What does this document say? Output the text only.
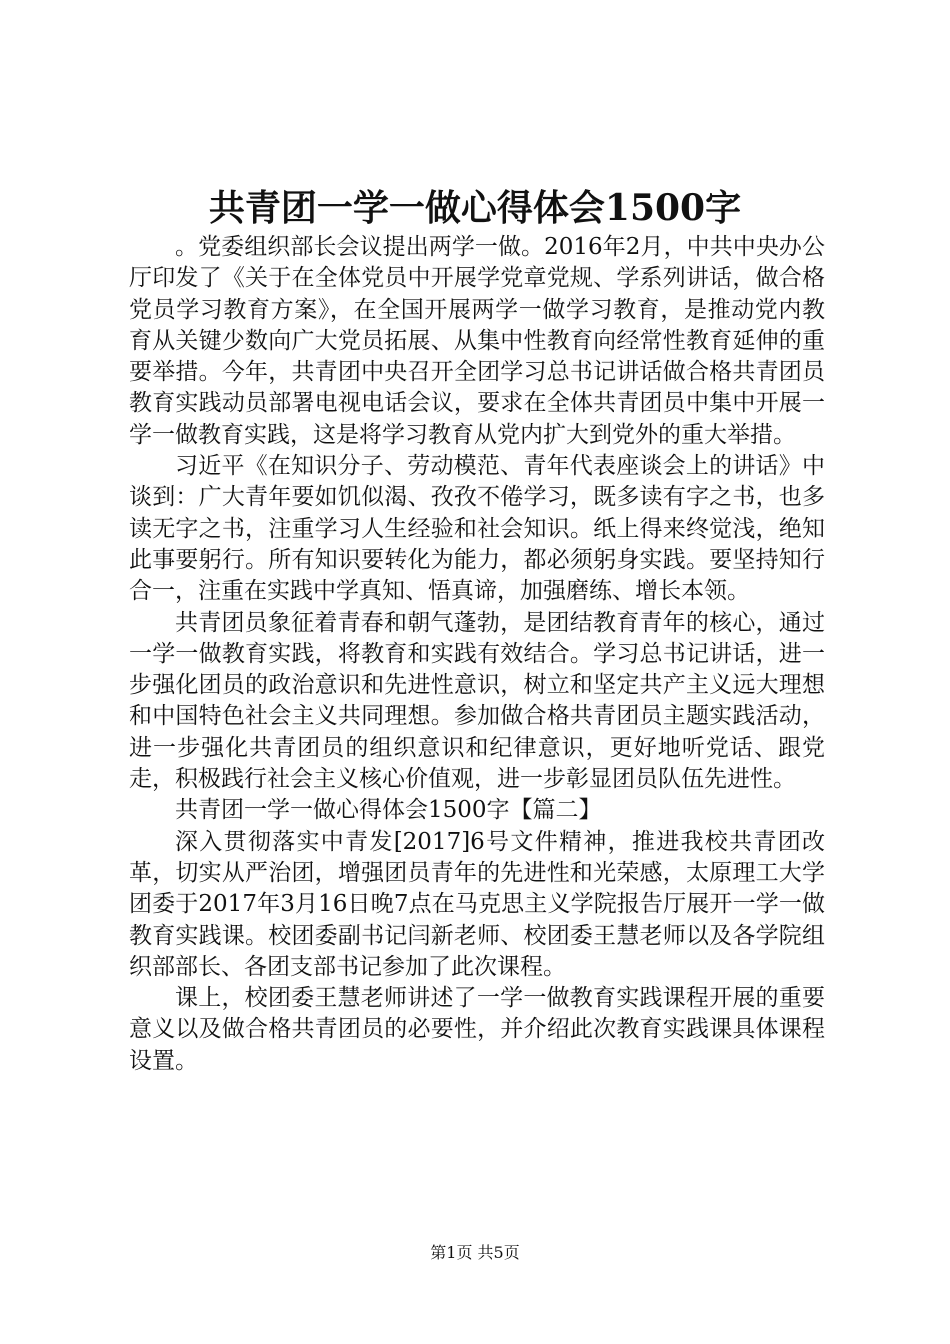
共青团一学一做心得体会1500字

。党委组织部长会议提出两学一做。2016年2月，中共中央办公厅印发了《关于在全体党员中开展学党章党规、学系列讲话，做合格党员学习教育方案》，在全国开展两学一做学习教育，是推动党内教育从关键少数向广大党员拓展、从集中性教育向经常性教育延伸的重要举措。今年，共青团中央召开全团学习总书记讲话做合格共青团员教育实践动员部署电视电话会议，要求在全体共青团员中集中开展一学一做教育实践，这是将学习教育从党内扩大到党外的重大举措。

习近平《在知识分子、劳动模范、青年代表座谈会上的讲话》中谈到：广大青年要如饥似渴、孜孜不倦学习，既多读有字之书，也多读无字之书，注重学习人生经验和社会知识。纸上得来终觉浅，绝知此事要躬行。所有知识要转化为能力，都必须躬身实践。要坚持知行合一，注重在实践中学真知、悟真谛，加强磨练、增长本领。

共青团员象征着青春和朝气蓬勃，是团结教育青年的核心，通过一学一做教育实践，将教育和实践有效结合。学习总书记讲话，进一步强化团员的政治意识和先进性意识，树立和坚定共产主义远大理想和中国特色社会主义共同理想。参加做合格共青团员主题实践活动，进一步强化共青团员的组织意识和纪律意识，更好地听党话、跟党走，积极践行社会主义核心价值观，进一步彰显团员队伍先进性。

共青团一学一做心得体会1500字【篇二】

深入贯彻落实中青发[2017]6号文件精神，推进我校共青团改革，切实从严治团，增强团员青年的先进性和光荣感，太原理工大学团委于2017年3月16日晚7点在马克思主义学院报告厅展开一学一做教育实践课。校团委副书记闫新老师、校团委王慧老师以及各学院组织部部长、各团支部书记参加了此次课程。

课上，校团委王慧老师讲述了一学一做教育实践课程开展的重要意义以及做合格共青团员的必要性，并介绍此次教育实践课具体课程设置。

第1页 共5页
